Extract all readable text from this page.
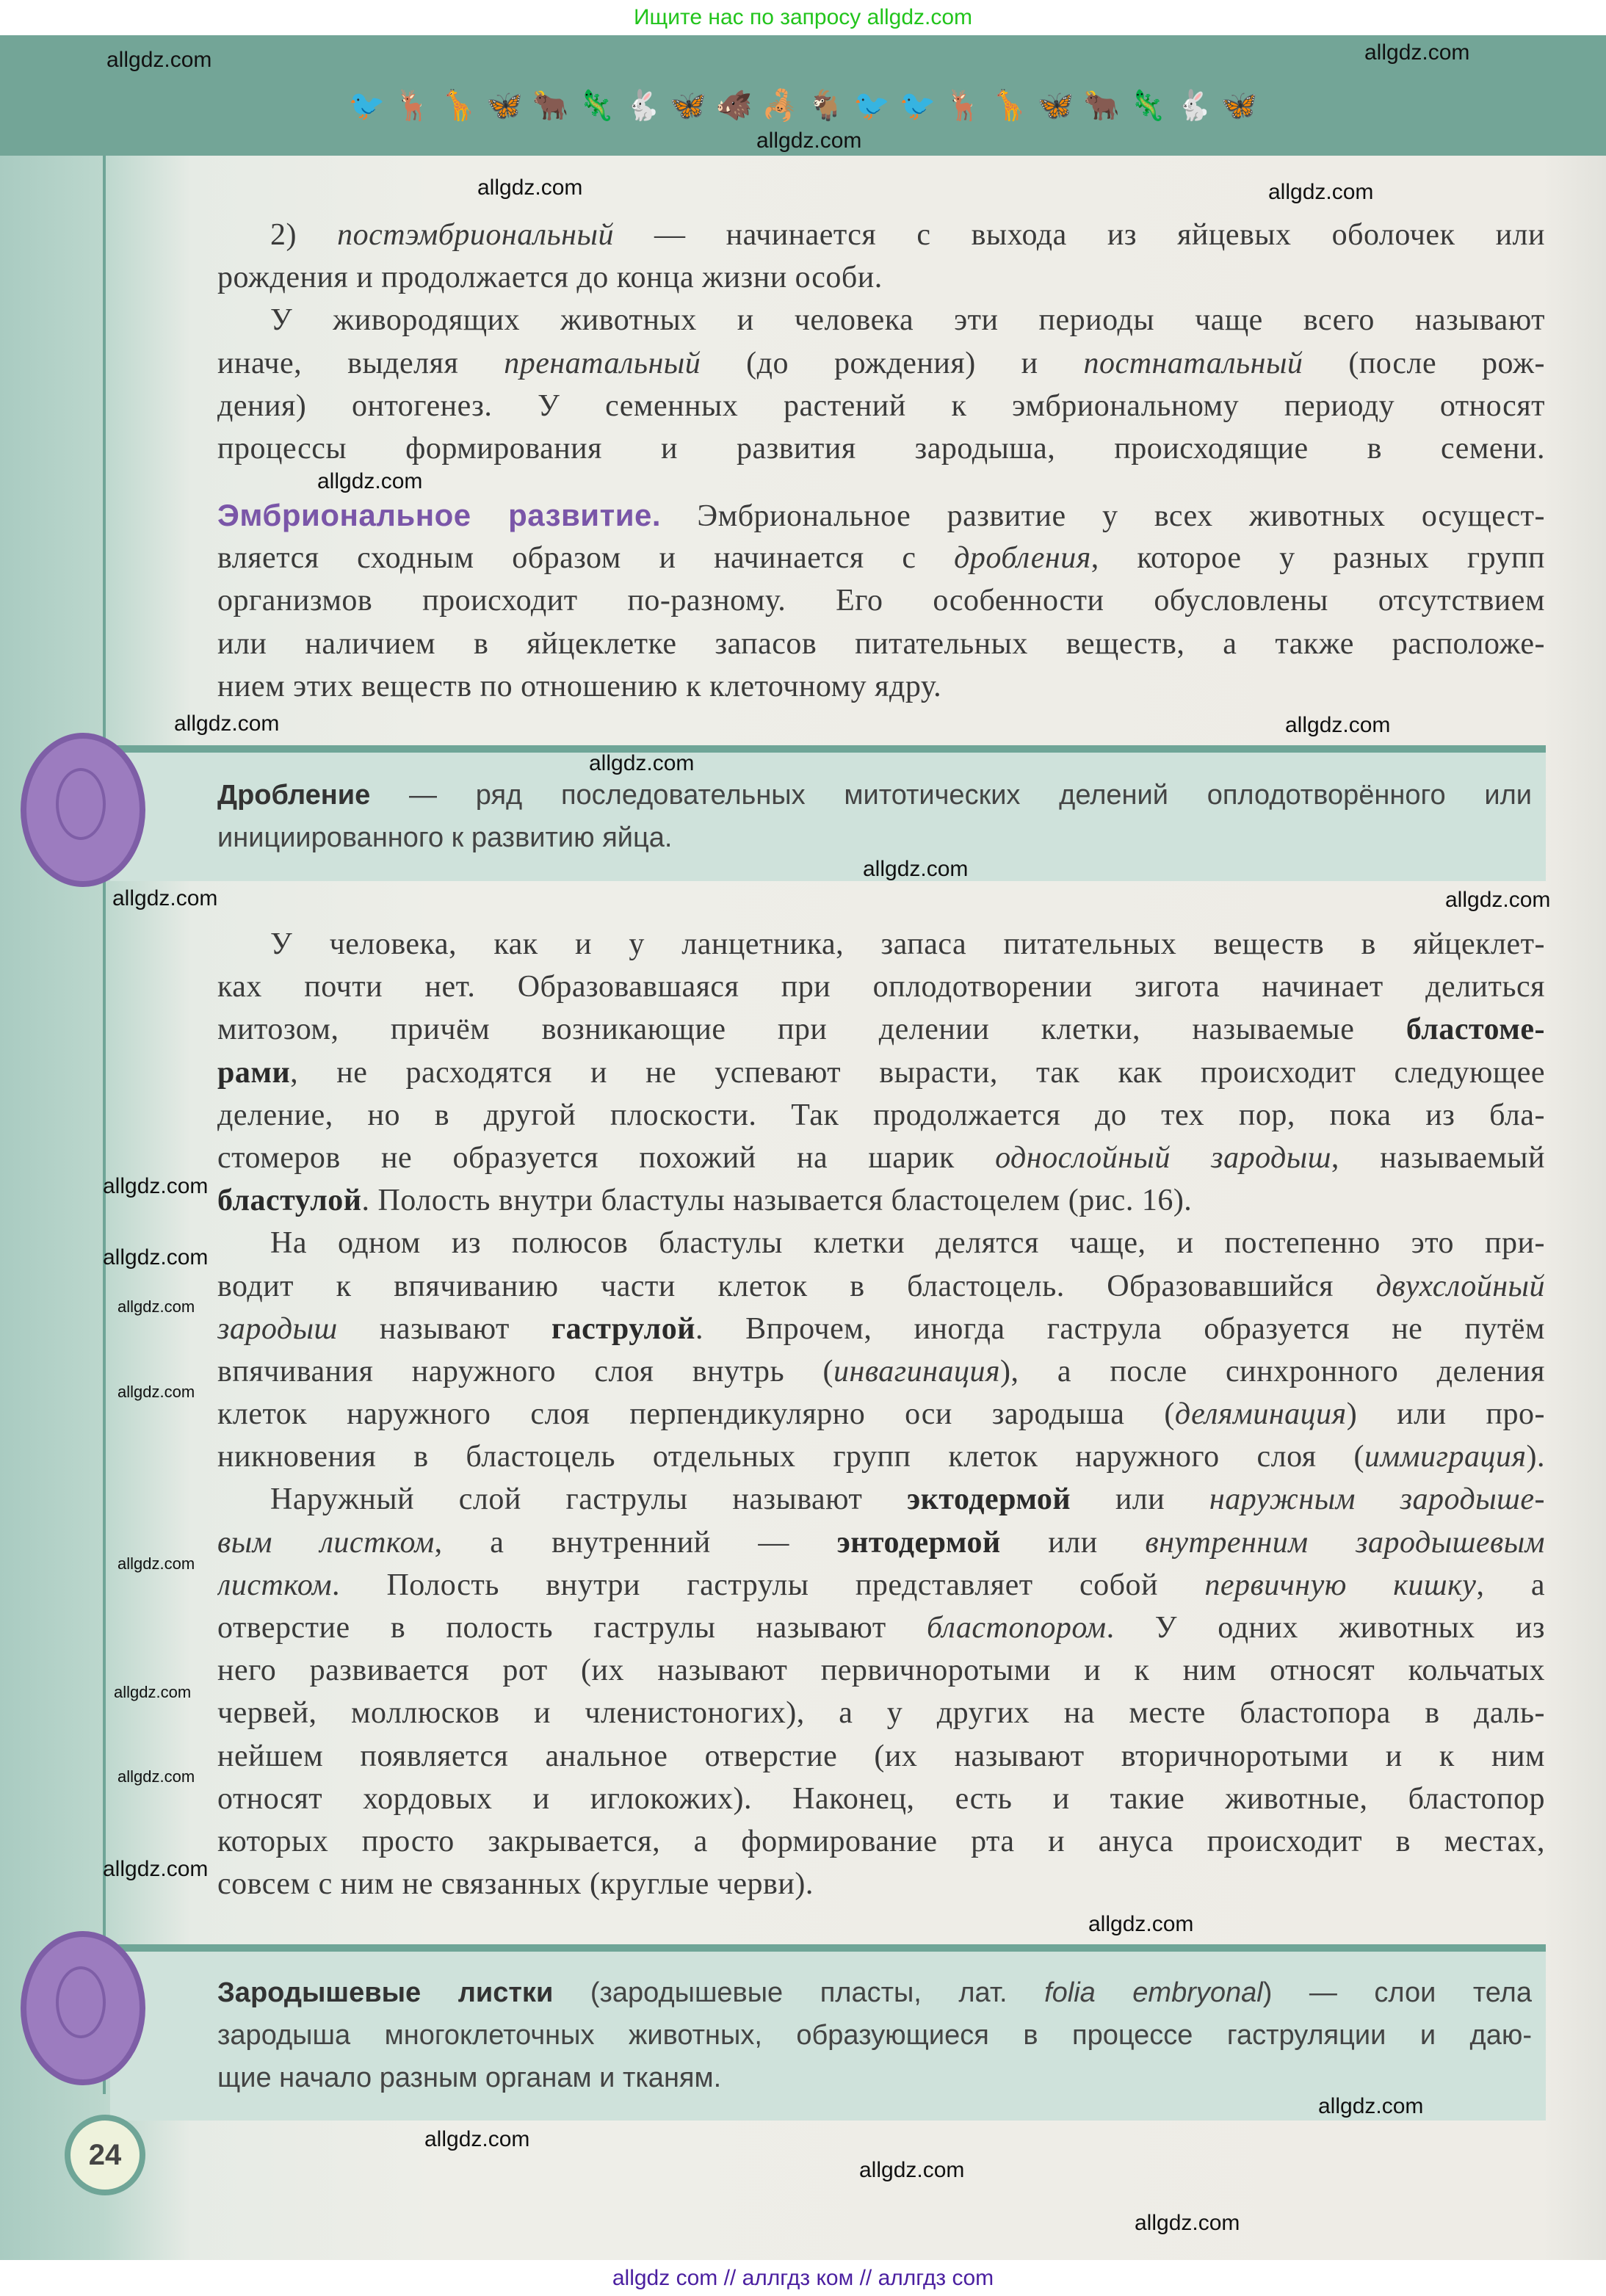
Ищите нас по запросу allgdz.com
🐦 🦌 🦒 🦋 🐂 🦎 🐇 🦋 🐗 🦂 🐐 🐦 🐦 🦌 🦒 🦋 🐂 🦎 🐇 🦋
2) постэмбриональный — начинается с выхода из яйцевых оболочек или
рождения и продолжается до конца жизни особи.
У живородящих животных и человека эти периоды чаще всего называют
иначе, выделяя пренатальный (до рождения) и постнатальный (после рож-
дения) онтогенез. У семенных растений к эмбриональному периоду относят
процессы формирования и развития зародыша, происходящие в семени.
Эмбриональное развитие. Эмбриональное развитие у всех животных осущест-
вляется сходным образом и начинается с дробления, которое у разных групп
организмов происходит по-разному. Его особенности обусловлены отсутствием
или наличием в яйцеклетке запасов питательных веществ, а также расположе-
нием этих веществ по отношению к клеточному ядру.
Дробление — ряд последовательных митотических делений оплодотворённого или
инициированного к развитию яйца.
У человека, как и у ланцетника, запаса питательных веществ в яйцеклет-
ках почти нет. Образовавшаяся при оплодотворении зигота начинает делиться
митозом, причём возникающие при делении клетки, называемые бластоме-
рами, не расходятся и не успевают вырасти, так как происходит следующее
деление, но в другой плоскости. Так продолжается до тех пор, пока из бла-
стомеров не образуется похожий на шарик однослойный зародыш, называемый
бластулой. Полость внутри бластулы называется бластоцелем (рис. 16).
На одном из полюсов бластулы клетки делятся чаще, и постепенно это при-
водит к впячиванию части клеток в бластоцель. Образовавшийся двухслойный
зародыш называют гаструлой. Впрочем, иногда гаструла образуется не путём
впячивания наружного слоя внутрь (инвагинация), а после синхронного деления
клеток наружного слоя перпендикулярно оси зародыша (деляминация) или про-
никновения в бластоцель отдельных групп клеток наружного слоя (иммиграция).
Наружный слой гаструлы называют эктодермой или наружным зародыше-
вым листком, а внутренний — энтодермой или внутренним зародышевым
листком. Полость внутри гаструлы представляет собой первичную кишку, а
отверстие в полость гаструлы называют бластопором. У одних животных из
него развивается рот (их называют первичноротыми и к ним относят кольчатых
червей, моллюсков и членистоногих), а у других на месте бластопора в даль-
нейшем появляется анальное отверстие (их называют вторичноротыми и к ним
относят хордовых и иглокожих). Наконец, есть и такие животные, бластопор
которых просто закрывается, а формирование рта и ануса происходит в местах,
совсем с ним не связанных (круглые черви).
Зародышевые листки (зародышевые пласты, лат. folia embryonal) — слои тела
зародыша многоклеточных животных, образующиеся в процессе гаструляции и даю-
щие начало разным органам и тканям.
24
allgdz.com
allgdz.com
allgdz.com
allgdz.com	allgdz.com
allgdz.com
allgdz.com
allgdz.com
allgdz.com
allgdz.com
allgdz.com
allgdz.com
allgdz.com
allgdz.com
allgdz.com
allgdz.com
allgdz.com
allgdz.com
allgdz.com
allgdz.com
allgdz.com
allgdz.com
allgdz.com
allgdz.com
allgdz.com
allgdz com // аллгдз ком // аллгдз com
